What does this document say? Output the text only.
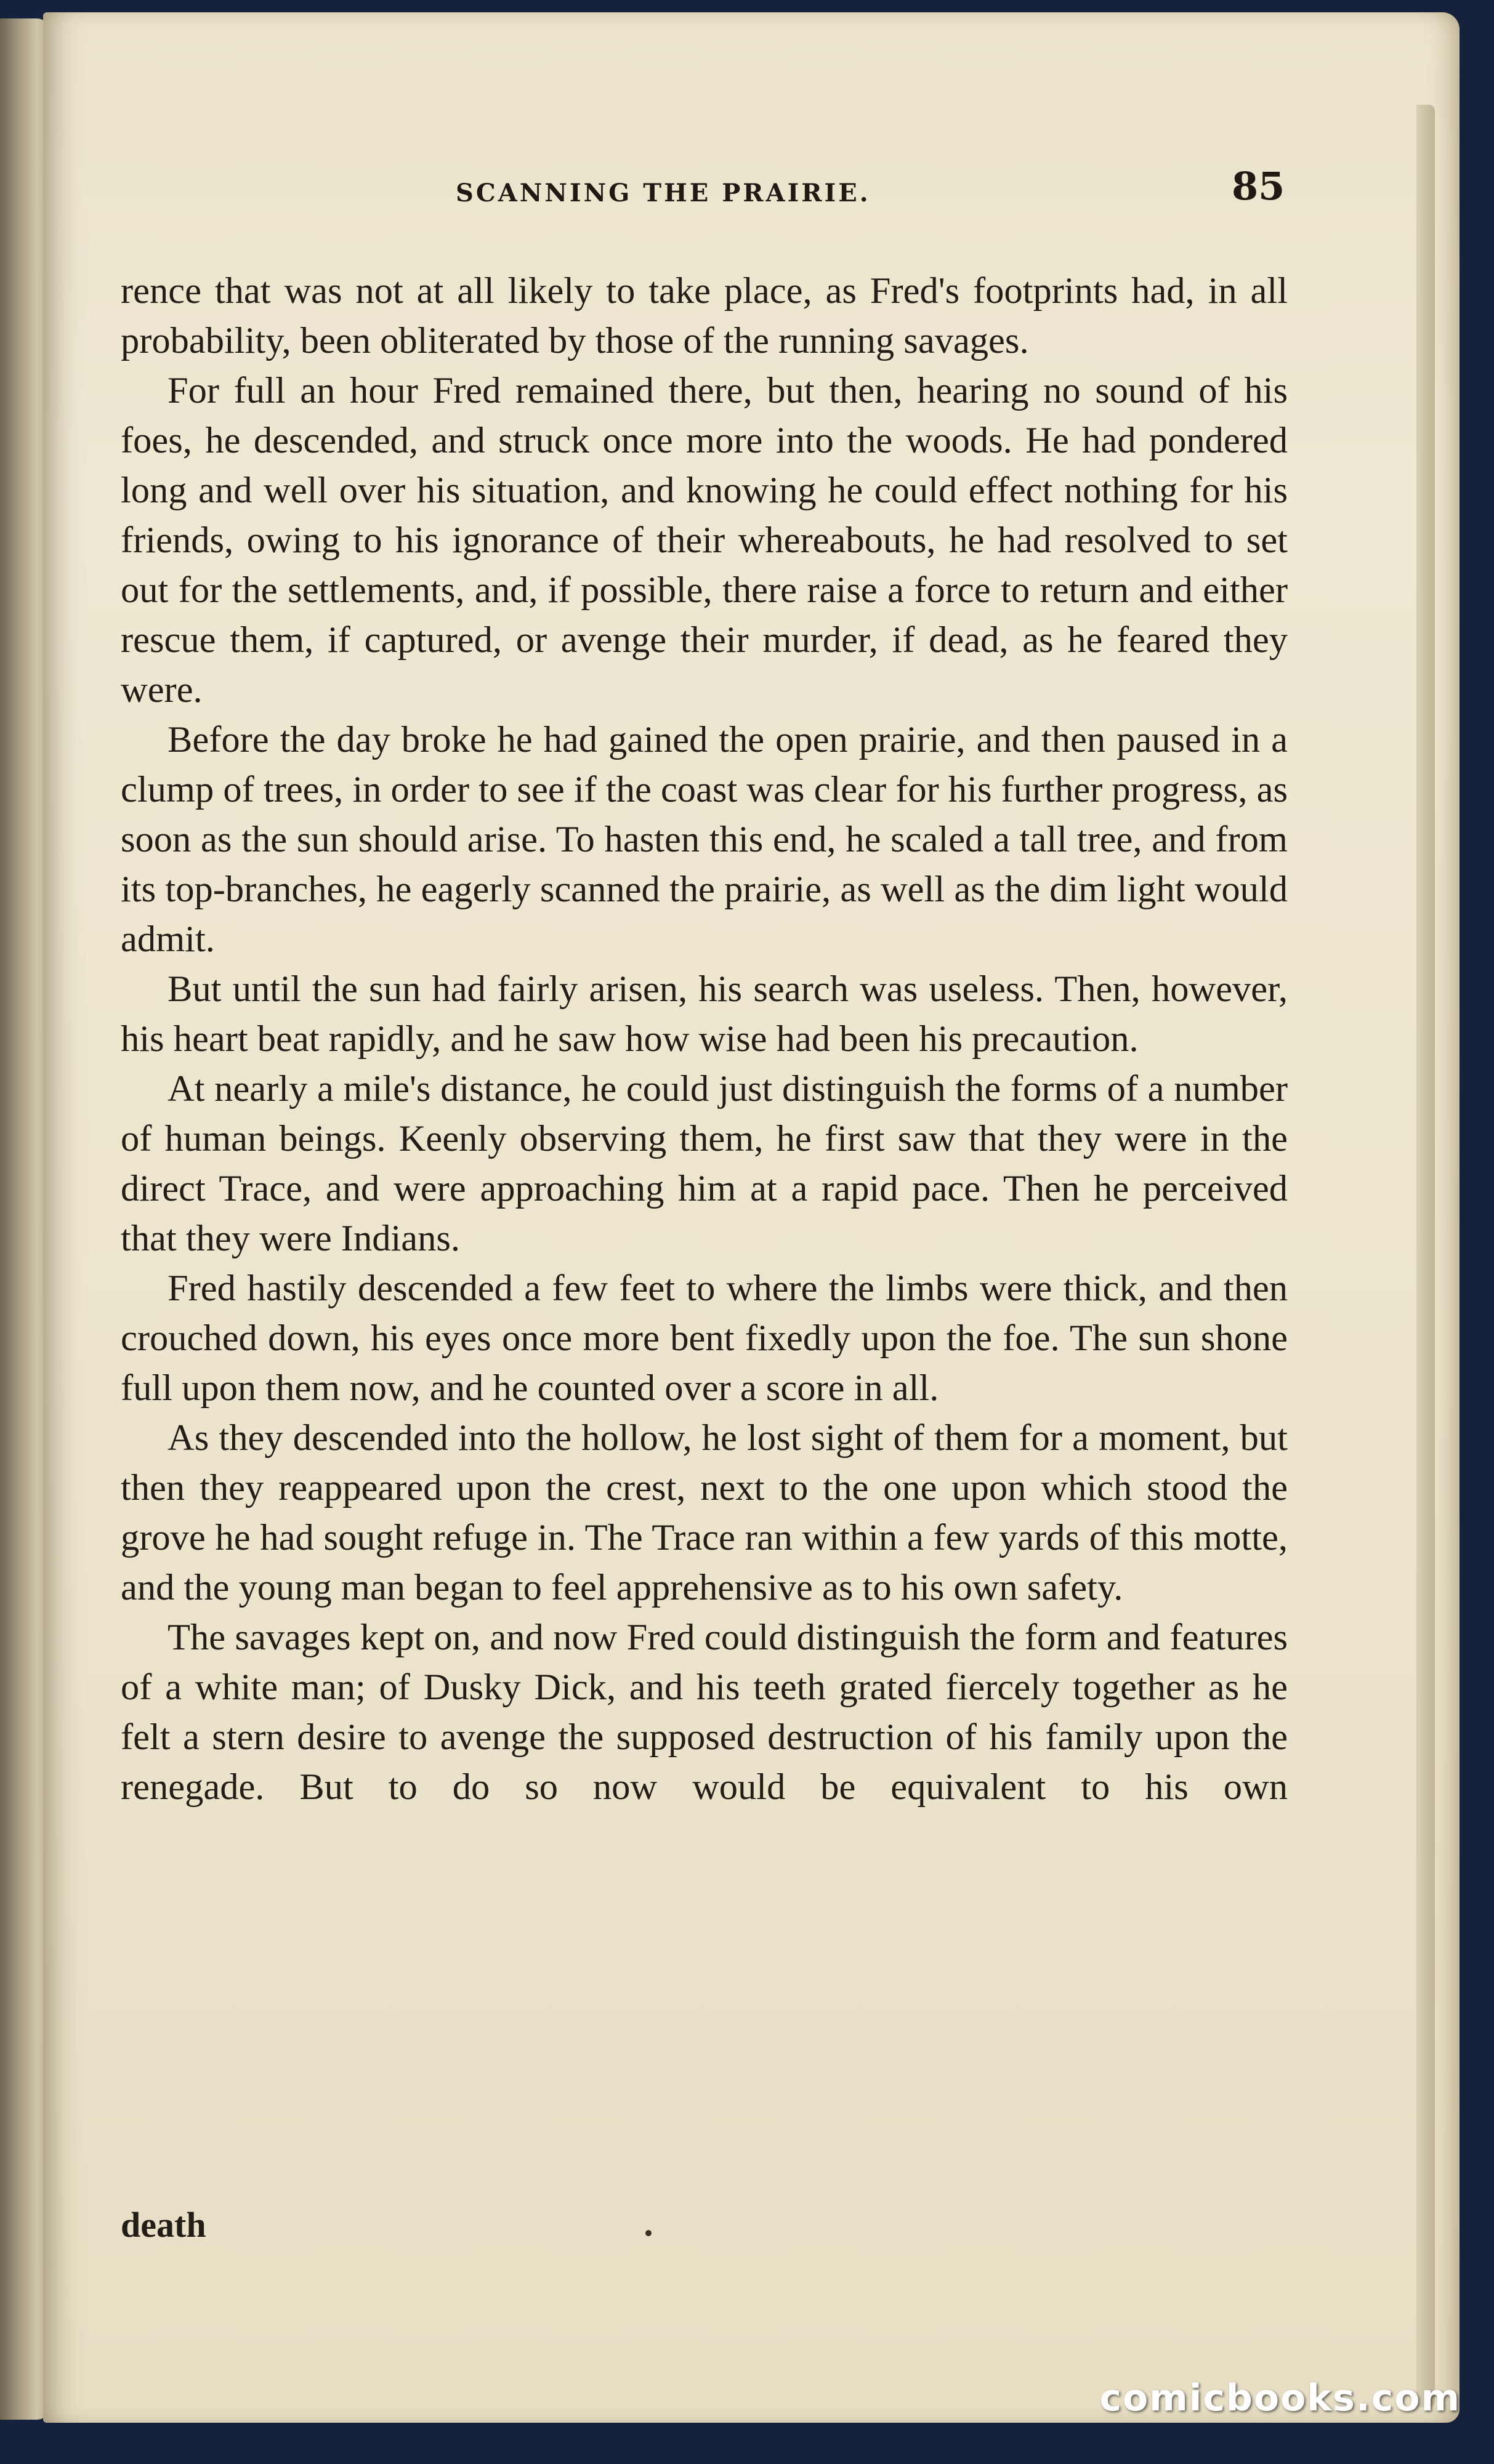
SCANNING THE PRAIRIE.	85

rence that was not at all likely to take place, as Fred's footprints had, in all probability, been obliterated by those of the running savages.

For full an hour Fred remained there, but then, hearing no sound of his foes, he descended, and struck once more into the woods. He had pondered long and well over his situation, and knowing he could effect nothing for his friends, owing to his ignorance of their whereabouts, he had resolved to set out for the settlements, and, if possible, there raise a force to return and either rescue them, if captured, or avenge their murder, if dead, as he feared they were.

Before the day broke he had gained the open prairie, and then paused in a clump of trees, in order to see if the coast was clear for his further progress, as soon as the sun should arise. To hasten this end, he scaled a tall tree, and from its top-branches, he eagerly scanned the prairie, as well as the dim light would admit.

But until the sun had fairly arisen, his search was useless. Then, however, his heart beat rapidly, and he saw how wise had been his precaution.

At nearly a mile's distance, he could just distinguish the forms of a number of human beings. Keenly observing them, he first saw that they were in the direct Trace, and were approaching him at a rapid pace. Then he perceived that they were Indians.

Fred hastily descended a few feet to where the limbs were thick, and then crouched down, his eyes once more bent fixedly upon the foe. The sun shone full upon them now, and he counted over a score in all.

As they descended into the hollow, he lost sight of them for a moment, but then they reappeared upon the crest, next to the one upon which stood the grove he had sought refuge in. The Trace ran within a few yards of this motte, and the young man began to feel apprehensive as to his own safety.

The savages kept on, and now Fred could distinguish the form and features of a white man; of Dusky Dick, and his teeth grated fiercely together as he felt a stern desire to avenge the supposed destruction of his family upon the renegade. But to do so now would be equivalent to his own

death
comicbooks.com
